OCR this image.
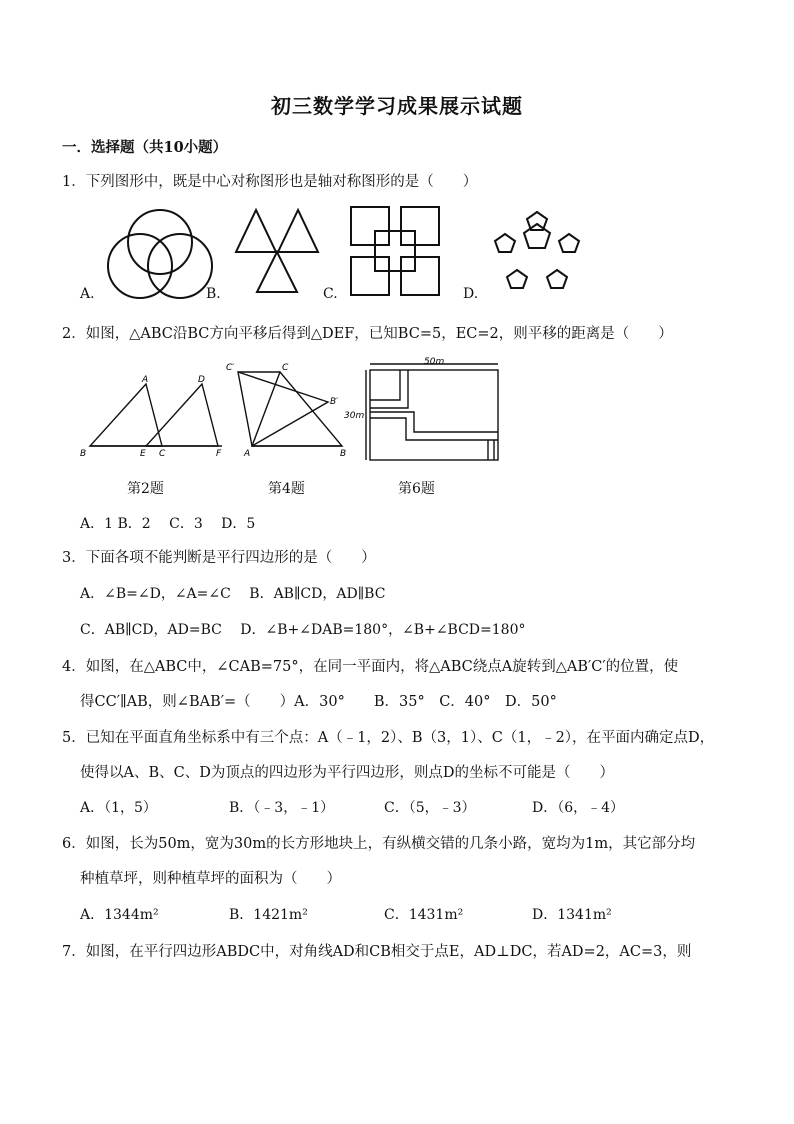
初三数学学习成果展示试题
一．选择题（共10小题）
1．下列图形中，既是中心对称图形也是轴对称图形的是（　　）
A.	B.	C.	D.
2．如图，△ABC沿BC方向平移后得到△DEF，已知BC=5，EC=2，则平移的距离是（　　）
A	D
B	E C	F
C′	C
B′
A	B
50m
30m
第2题	第4题	第6题
A．1 B．2　 C．3　 D．5
3．下面各项不能判断是平行四边形的是（　　）
A．∠B=∠D，∠A=∠C　 B．AB∥CD，AD∥BC
C．AB∥CD，AD=BC　 D．∠B+∠DAB=180°，∠B+∠BCD=180°
4．如图，在△ABC中，∠CAB=75°，在同一平面内，将△ABC绕点A旋转到△AB′C′的位置，使
得CC′∥AB，则∠BAB′=（　　）A．30°　　B．35°　C．40°　D．50°
5．已知在平面直角坐标系中有三个点：A（﹣1，2）、B（3，1）、C（1，﹣2），在平面内确定点D，
使得以A、B、C、D为顶点的四边形为平行四边形，则点D的坐标不可能是（　　）
A．（1，5）	B．（﹣3，﹣1）	C．（5，﹣3）	D．（6，﹣4）
6．如图，长为50m，宽为30m的长方形地块上，有纵横交错的几条小路，宽均为1m，其它部分均
种植草坪，则种植草坪的面积为（　　）
A．1344m²	B．1421m²	C．1431m²	D．1341m²
7．如图，在平行四边形ABDC中，对角线AD和CB相交于点E，AD⊥DC，若AD=2，AC=3，则
